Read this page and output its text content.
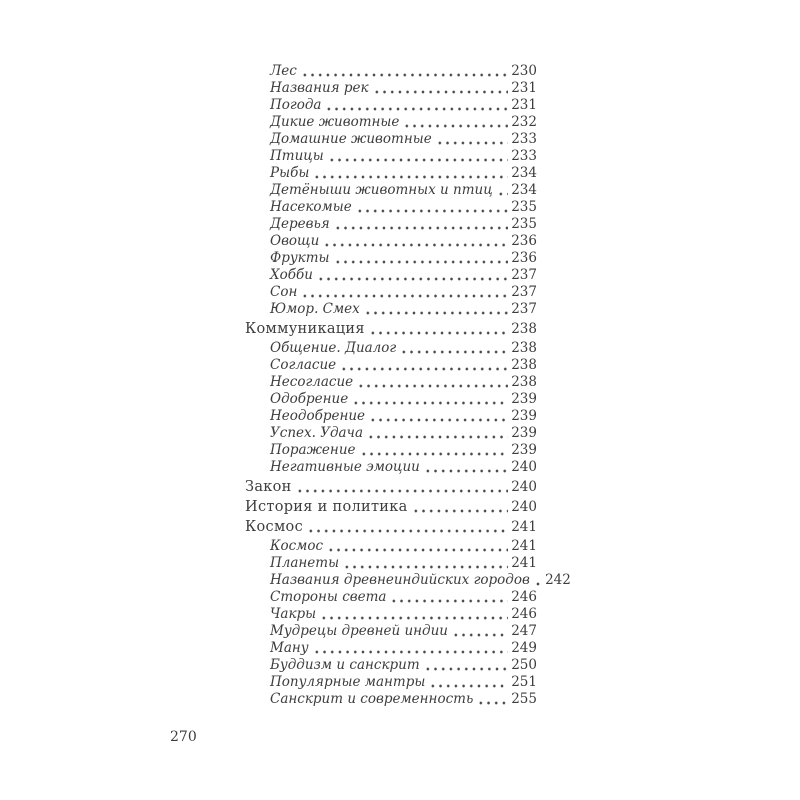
Лес	230
Названия рек	231
Погода	231
Дикие животные	232
Домашние животные	233
Птицы	233
Рыбы	234
Детёныши животных и птиц 234
Насекомые	235
Деревья	235
Овощи	236
Фрукты	236
Хобби	237
Сон	237
Юмор. Смех	237
Коммуникация	238
Общение. Диалог	238
Согласие	238
Несогласие	238
Одобрение	239
Неодобрение	239
Успех. Удача	239
Поражение	239
Негативные эмоции	240
Закон	240
История и политика	240
Космос	241
Космос	241
Планеты	241
Названия древнеиндийских городов 242
Стороны света	246
Чакры	246
Мудрецы древней индии	247
Ману	249
Буддизм и санскрит	250
Популярные мантры	251
Санскрит и современность	255
270
